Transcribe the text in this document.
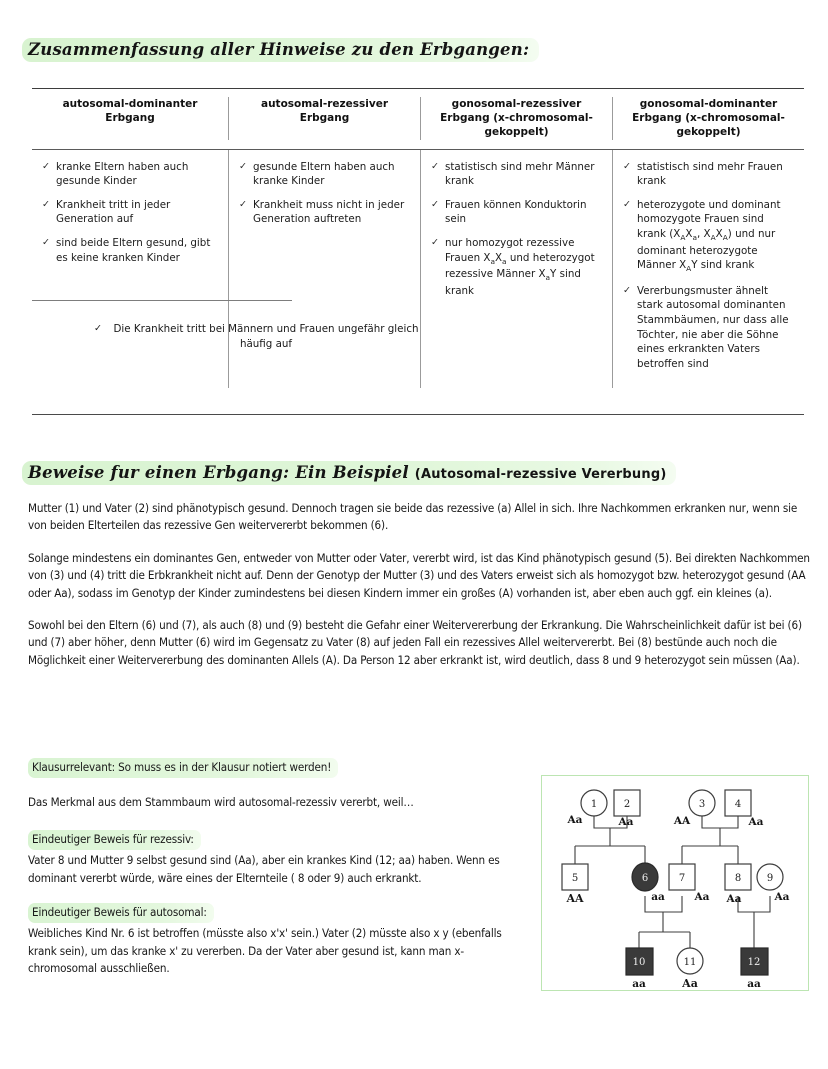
Zusammenfassung aller Hinweise zu den Erbgangen:
autosomal-dominanter
Erbgang
autosomal-rezessiver
Erbgang
gonosomal-rezessiver
Erbgang (x-chromosomal-
gekoppelt)
gonosomal-dominanter
Erbgang (x-chromosomal-
gekoppelt)
✓ kranke Eltern haben auch gesunde Kinder
✓ Krankheit tritt in jeder Generation auf
✓ sind beide Eltern gesund, gibt es keine kranken Kinder
✓ gesunde Eltern haben auch kranke Kinder
✓ Krankheit muss nicht in jeder Generation auftreten
✓ statistisch sind mehr Männer krank
✓ Frauen können Konduktorin sein
✓ nur homozygot rezessive Frauen $X_aX_a$ und heterozygot rezessive Männer $X_aY$ sind krank
✓ statistisch sind mehr Frauen krank
✓ heterozygote und dominant homozygote Frauen sind krank ($X_AX_a$, $X_AX_A$) und nur dominant heterozygote Männer $X_AY$ sind krank
✓ Vererbungsmuster ähnelt stark autosomal dominanten Stammbäumen, nur dass alle Töchter, nie aber die Söhne eines erkrankten Vaters betroffen sind
✓	Die Krankheit tritt bei Männern und Frauen ungefähr gleich häufig auf
Beweise fur einen Erbgang: Ein Beispiel (Autosomal-rezessive Vererbung)

Mutter (1) und Vater (2) sind phänotypisch gesund. Dennoch tragen sie beide das rezessive (a) Allel in sich. Ihre Nachkommen erkranken nur, wenn sie von beiden Elterteilen das rezessive Gen weitervererbt bekommen (6).

Solange mindestens ein dominantes Gen, entweder von Mutter oder Vater, vererbt wird, ist das Kind phänotypisch gesund (5). Bei direkten Nachkommen von (3) und (4) tritt die Erbkrankheit nicht auf. Denn der Genotyp der Mutter (3) und des Vaters erweist sich als homozygot bzw. heterozygot gesund (AA oder Aa), sodass im Genotyp der Kinder zumindestens bei diesen Kindern immer ein großes (A) vorhanden ist, aber eben auch ggf. ein kleines (a).

Sowohl bei den Eltern (6) und (7), als auch (8) und (9) besteht die Gefahr einer Weitervererbung der Erkrankung. Die Wahrscheinlichkeit dafür ist bei (6) und (7) aber höher, denn Mutter (6) wird im Gegensatz zu Vater (8) auf jeden Fall ein rezessives Allel weitervererbt. Bei (8) bestünde auch noch die Möglichkeit einer Weitervererbung des dominanten Allels (A). Da Person 12 aber erkrankt ist, wird deutlich, dass 8 und 9 heterozygot sein müssen (Aa).

Klausurrelevant: So muss es in der Klausur notiert werden!

Das Merkmal aus dem Stammbaum wird autosomal-rezessiv vererbt, weil…

Eindeutiger Beweis für rezessiv:
Vater 8 und Mutter 9 selbst gesund sind (Aa), aber ein krankes Kind (12; aa) haben. Wenn es dominant vererbt würde, wäre eines der Elternteile ( 8 oder 9) auch erkrankt.
Eindeutiger Beweis für autosomal:
Weibliches Kind Nr. 6 ist betroffen (müsste also x'x' sein.) Vater (2) müsste also x y (ebenfalls krank sein), um das kranke x' zu vererben. Da der Vater aber gesund ist, kann man x-chromosomal ausschließen.
1
Aa
2
Aa
3
AA
4
Aa
5
AA
6
aa
7
Aa
8
Aa
9
Aa
10
aa
11
Aa
12
aa
